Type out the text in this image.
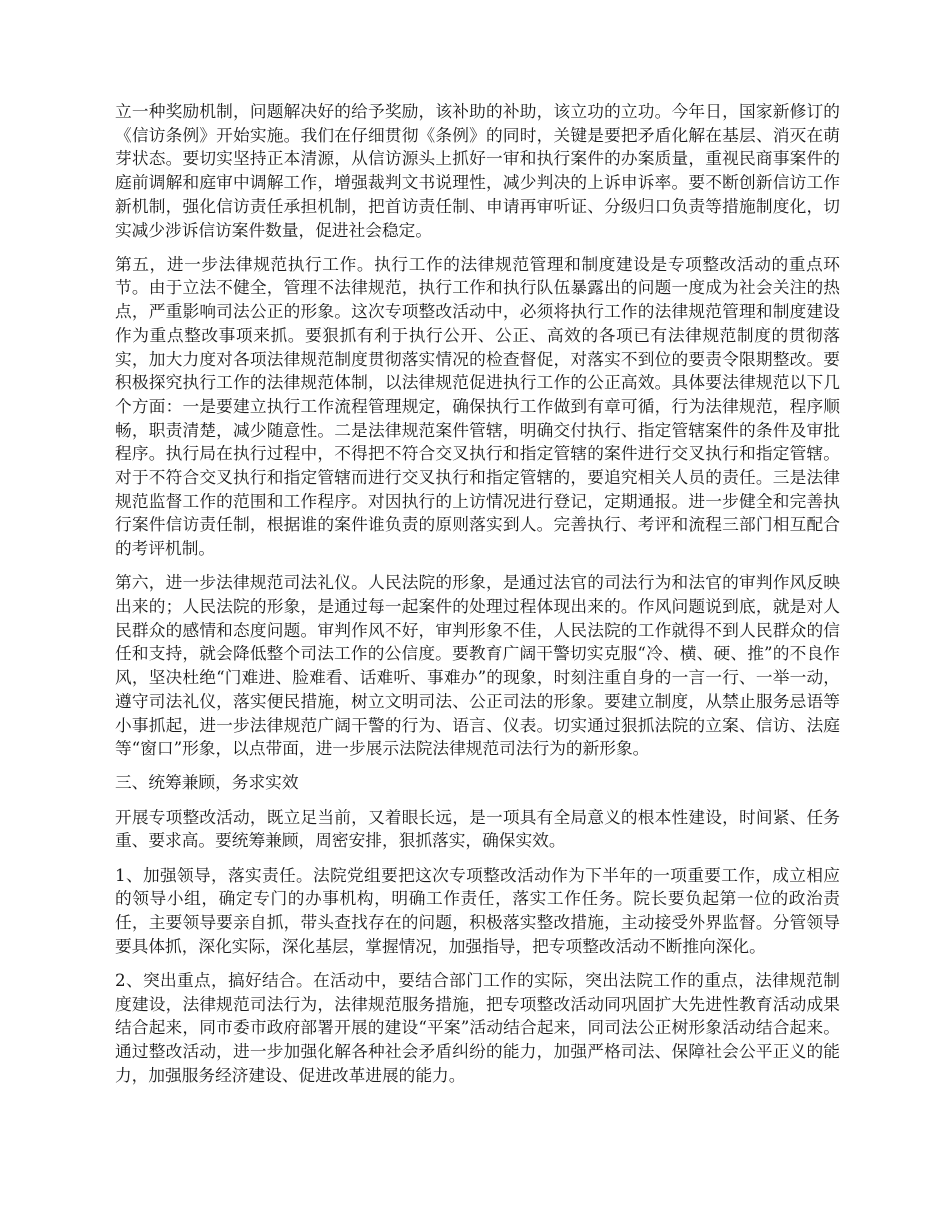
立一种奖励机制，问题解决好的给予奖励，该补助的补助，该立功的立功。今年日，国家新修订的《信访条例》开始实施。我们在仔细贯彻《条例》的同时，关键是要把矛盾化解在基层、消灭在萌芽状态。要切实坚持正本清源，从信访源头上抓好一审和执行案件的办案质量，重视民商事案件的庭前调解和庭审中调解工作，增强裁判文书说理性，减少判决的上诉申诉率。要不断创新信访工作新机制，强化信访责任承担机制，把首访责任制、申请再审听证、分级归口负责等措施制度化，切实减少涉诉信访案件数量，促进社会稳定。

第五，进一步法律规范执行工作。执行工作的法律规范管理和制度建设是专项整改活动的重点环节。由于立法不健全，管理不法律规范，执行工作和执行队伍暴露出的问题一度成为社会关注的热点，严重影响司法公正的形象。这次专项整改活动中，必须将执行工作的法律规范管理和制度建设作为重点整改事项来抓。要狠抓有利于执行公开、公正、高效的各项已有法律规范制度的贯彻落实，加大力度对各项法律规范制度贯彻落实情况的检查督促，对落实不到位的要责令限期整改。要积极探究执行工作的法律规范体制，以法律规范促进执行工作的公正高效。具体要法律规范以下几个方面：一是要建立执行工作流程管理规定，确保执行工作做到有章可循，行为法律规范，程序顺畅，职责清楚，减少随意性。二是法律规范案件管辖，明确交付执行、指定管辖案件的条件及审批程序。执行局在执行过程中，不得把不符合交叉执行和指定管辖的案件进行交叉执行和指定管辖。对于不符合交叉执行和指定管辖而进行交叉执行和指定管辖的，要追究相关人员的责任。三是法律规范监督工作的范围和工作程序。对因执行的上访情况进行登记，定期通报。进一步健全和完善执行案件信访责任制，根据谁的案件谁负责的原则落实到人。完善执行、考评和流程三部门相互配合的考评机制。

第六，进一步法律规范司法礼仪。人民法院的形象，是通过法官的司法行为和法官的审判作风反映出来的；人民法院的形象，是通过每一起案件的处理过程体现出来的。作风问题说到底，就是对人民群众的感情和态度问题。审判作风不好，审判形象不佳，人民法院的工作就得不到人民群众的信任和支持，就会降低整个司法工作的公信度。要教育广阔干警切实克服“冷、横、硬、推”的不良作风，坚决杜绝“门难进、脸难看、话难听、事难办”的现象，时刻注重自身的一言一行、一举一动，遵守司法礼仪，落实便民措施，树立文明司法、公正司法的形象。要建立制度，从禁止服务忌语等小事抓起，进一步法律规范广阔干警的行为、语言、仪表。切实通过狠抓法院的立案、信访、法庭等“窗口”形象，以点带面，进一步展示法院法律规范司法行为的新形象。

三、统筹兼顾，务求实效

开展专项整改活动，既立足当前，又着眼长远，是一项具有全局意义的根本性建设，时间紧、任务重、要求高。要统筹兼顾，周密安排，狠抓落实，确保实效。

1、加强领导，落实责任。法院党组要把这次专项整改活动作为下半年的一项重要工作，成立相应的领导小组，确定专门的办事机构，明确工作责任，落实工作任务。院长要负起第一位的政治责任，主要领导要亲自抓，带头查找存在的问题，积极落实整改措施，主动接受外界监督。分管领导要具体抓，深化实际，深化基层，掌握情况，加强指导，把专项整改活动不断推向深化。

2、突出重点，搞好结合。在活动中，要结合部门工作的实际，突出法院工作的重点，法律规范制度建设，法律规范司法行为，法律规范服务措施，把专项整改活动同巩固扩大先进性教育活动成果结合起来，同市委市政府部署开展的建设“平案”活动结合起来，同司法公正树形象活动结合起来。通过整改活动，进一步加强化解各种社会矛盾纠纷的能力，加强严格司法、保障社会公平正义的能力，加强服务经济建设、促进改革进展的能力。
